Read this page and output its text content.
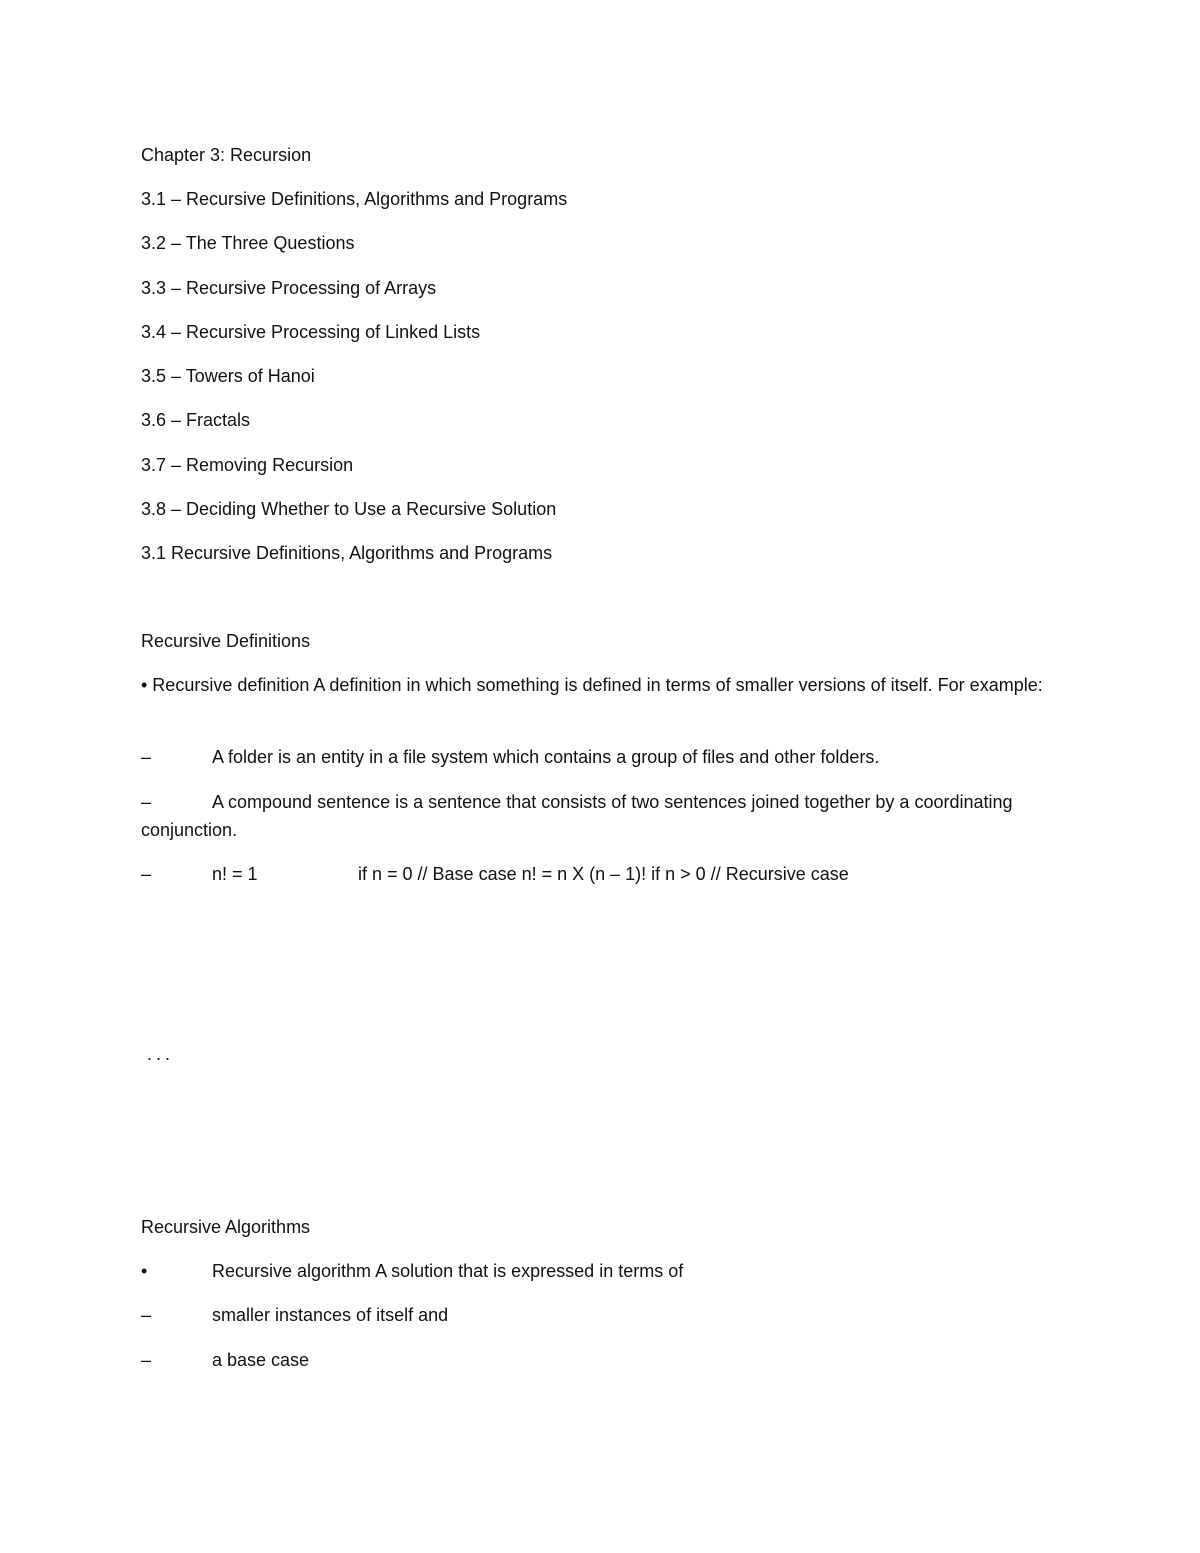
Chapter 3: Recursion
3.1 – Recursive Definitions, Algorithms and Programs
3.2 – The Three Questions
3.3 – Recursive Processing of Arrays
3.4 – Recursive Processing of Linked Lists
3.5 – Towers of Hanoi
3.6 – Fractals
3.7 – Removing Recursion
3.8 – Deciding Whether to Use a Recursive Solution
3.1 Recursive Definitions, Algorithms and Programs
Recursive Definitions
• Recursive definition A definition in which something is defined in terms of smaller versions of itself. For example:
–	A folder is an entity in a file system which contains a group of files and other folders.
–	A compound sentence is a sentence that consists of two sentences joined together by a coordinating conjunction.
–	n! = 1	if n = 0 // Base case n! = n X (n – 1)! if n > 0 // Recursive case
...
Recursive Algorithms
•	Recursive algorithm A solution that is expressed in terms of
–	smaller instances of itself and
–	a base case
